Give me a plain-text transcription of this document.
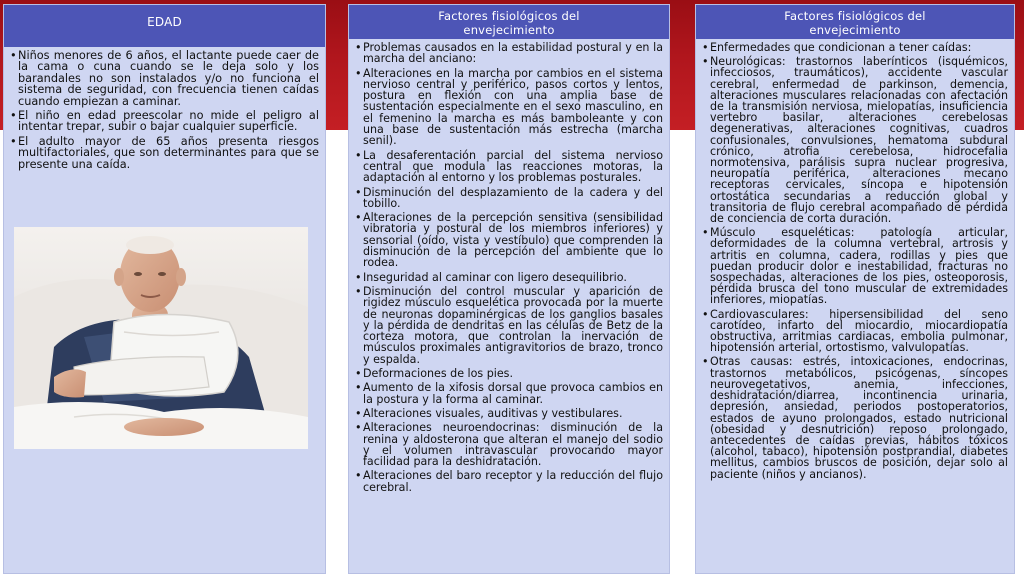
EDAD
• Niños menores de 6 años, el lactante puede caer de la cama o cuna cuando se le deja solo y los barandales no son instalados y/o no funciona el sistema de seguridad, con frecuencia tienen caídas cuando empiezan a caminar.
• El niño en edad preescolar no mide el peligro al intentar trepar, subir o bajar cualquier superficie.
• El adulto mayor de 65 años presenta riesgos multifactoriales, que son determinantes para que se presente una caída.
Factores fisiológicos del
envejecimiento
• Problemas causados en la estabilidad postural y en la marcha del anciano:
• Alteraciones en la marcha por cambios en el sistema nervioso central y periférico, pasos cortos y lentos, postura en flexión con una amplia base de sustentación especialmente en el sexo masculino, en el femenino la marcha es más bamboleante y con una base de sustentación más estrecha (marcha senil).
• La desaferentación parcial del sistema nervioso central que modula las reacciones motoras, la adaptación al entorno y los problemas posturales.
• Disminución del desplazamiento de la cadera y del tobillo.
• Alteraciones de la percepción sensitiva (sensibilidad vibratoria y postural de los miembros inferiores) y sensorial (oído, vista y vestíbulo) que comprenden la disminución de la percepción del ambiente que lo rodea.
• Inseguridad al caminar con ligero desequilibrio.
• Disminución del control muscular y aparición de rigidez músculo esquelética provocada por la muerte de neuronas dopaminérgicas de los ganglios basales y la pérdida de dendritas en las células de Betz de la corteza motora, que controlan la inervación de músculos proximales antigravitorios de brazo, tronco y espalda.
• Deformaciones de los pies.
• Aumento de la xifosis dorsal que provoca cambios en la postura y la forma al caminar.
• Alteraciones visuales, auditivas y vestibulares.
• Alteraciones neuroendocrinas: disminución de la renina y aldosterona que alteran el manejo del sodio y el volumen intravascular provocando mayor facilidad para la deshidratación.
• Alteraciones del baro receptor y la reducción del flujo cerebral.
Factores fisiológicos del
envejecimiento
• Enfermedades que condicionan a tener caídas:
• Neurológicas: trastornos laberínticos (isquémicos, infecciosos, traumáticos), accidente vascular cerebral, enfermedad de parkinson, demencia, alteraciones musculares relacionadas con afectación de la transmisión nerviosa, mielopatías, insuficiencia vertebro basilar, alteraciones cerebelosas degenerativas, alteraciones cognitivas, cuadros confusionales, convulsiones, hematoma subdural crónico, atrofia cerebelosa, hidrocefalia normotensiva, parálisis supra nuclear progresiva, neuropatía periférica, alteraciones mecano receptoras cervicales, síncopa e hipotensión ortostática secundarias a reducción global y transitoria de flujo cerebral acompañado de pérdida de conciencia de corta duración.
• Músculo esqueléticas: patología articular, deformidades de la columna vertebral, artrosis y artritis en columna, cadera, rodillas y pies que puedan producir dolor e inestabilidad, fracturas no sospechadas, alteraciones de los pies, osteoporosis, pérdida brusca del tono muscular de extremidades inferiores, miopatías.
• Cardiovasculares: hipersensibilidad del seno carotídeo, infarto del miocardio, miocardiopatía obstructiva, arritmias cardiacas, embolia pulmonar, hipotensión arterial, ortostismo, valvulopatías.
• Otras causas: estrés, intoxicaciones, endocrinas, trastornos metabólicos, psicógenas, síncopes neurovegetativos, anemia, infecciones, deshidratación/diarrea, incontinencia urinaria, depresión, ansiedad, periodos postoperatorios, estados de ayuno prolongados, estado nutricional (obesidad y desnutrición) reposo prolongado, antecedentes de caídas previas, hábitos tóxicos (alcohol, tabaco), hipotensión postprandial, diabetes mellitus, cambios bruscos de posición, dejar solo al paciente (niños y ancianos).
